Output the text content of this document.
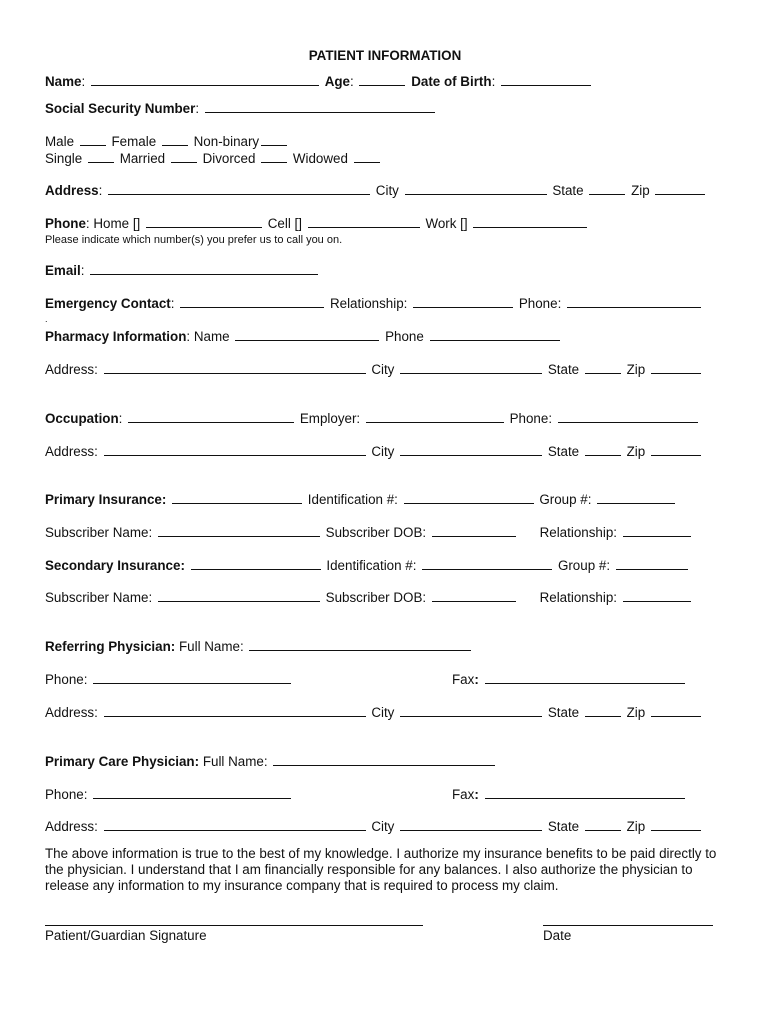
PATIENT INFORMATION
Name:	Age:	Date of Birth:
Social Security Number:
Male	Female	Non-binary
Single	Married	Divorced	Widowed
Address:	City	State	Zip
Phone: Home []	Cell []	Work []
Please indicate which number(s) you prefer us to call you on.
Email:
Emergency Contact:	Relationship:	Phone:
.
Pharmacy Information: Name	Phone
Address:	City	State	Zip
Occupation:	Employer:	Phone:
Address:	City	State	Zip
Primary Insurance:	Identification #:	Group #:
Subscriber Name:	Subscriber DOB:	Relationship:
Secondary Insurance:	Identification #:	Group #:
Subscriber Name:	Subscriber DOB:	Relationship:
Referring Physician: Full Name:
Phone:	Fax:
Address:	City	State	Zip
Primary Care Physician: Full Name:
Phone:	Fax:
Address:	City	State	Zip
The above information is true to the best of my knowledge. I authorize my insurance benefits to be paid directly to the physician. I understand that I am financially responsible for any balances. I also authorize the physician to release any information to my insurance company that is required to process my claim.
Patient/Guardian Signature	Date
